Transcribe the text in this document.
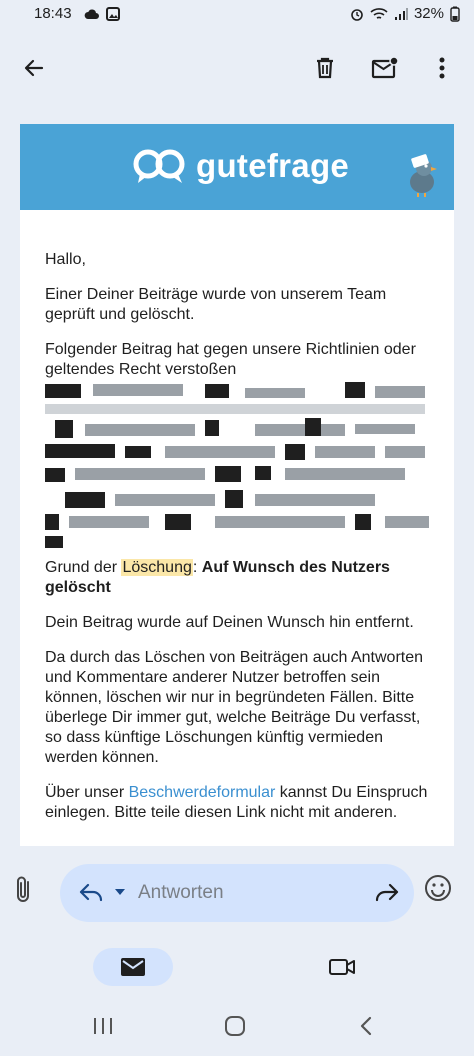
18:43	32%
gutefrage

Hallo,

Einer Deiner Beiträge wurde von unserem Team geprüft und gelöscht.

Folgender Beitrag hat gegen unsere Richtlinien oder geltendes Recht verstoßen
Grund der Löschung: Auf Wunsch des Nutzers gelöscht

Dein Beitrag wurde auf Deinen Wunsch hin entfernt.

Da durch das Löschen von Beiträgen auch Antworten und Kommentare anderer Nutzer betroffen sein können, löschen wir nur in begründeten Fällen. Bitte überlege Dir immer gut, welche Beiträge Du verfasst, so dass künftige Löschungen künftig vermieden werden können.

Über unser Beschwerdeformular kannst Du Einspruch einlegen. Bitte teile diesen Link nicht mit anderen.

Antworten
